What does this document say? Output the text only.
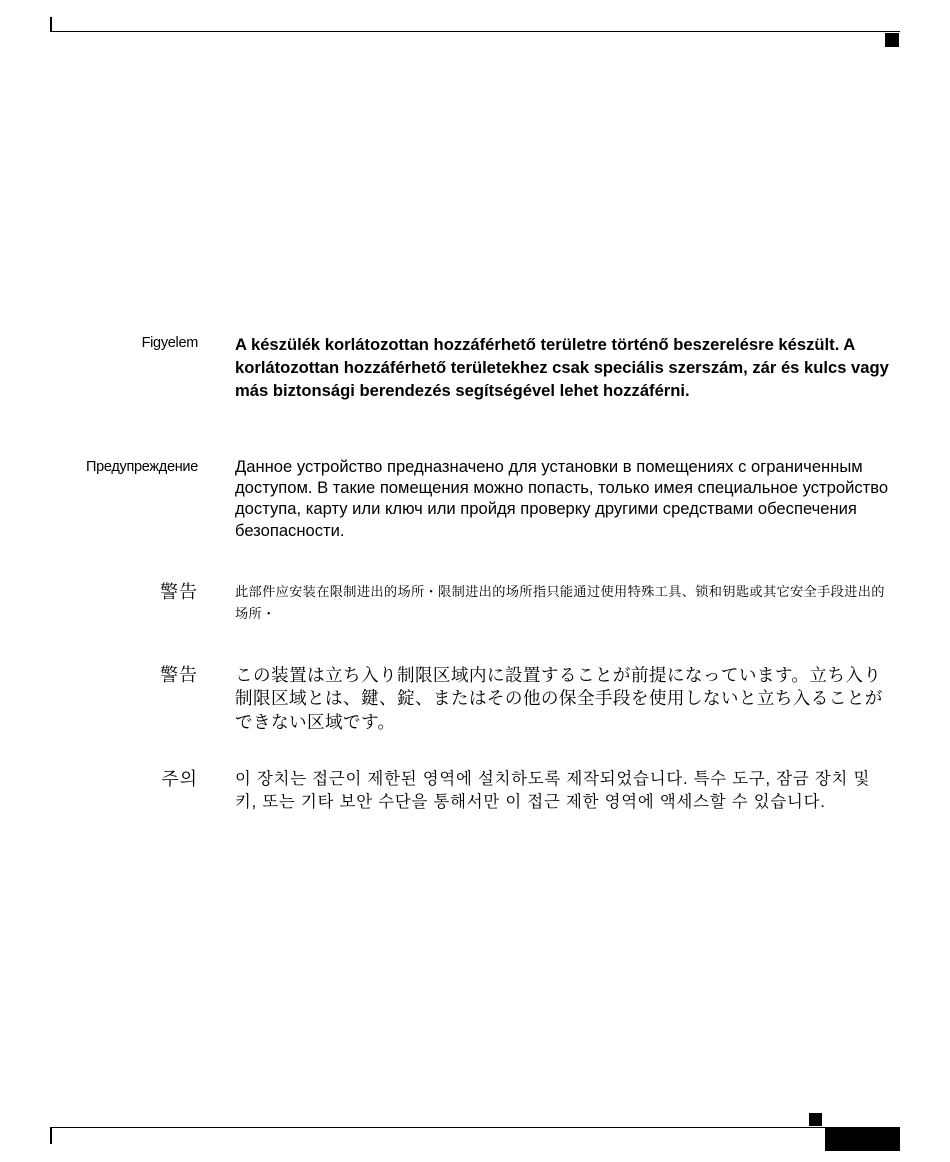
Figyelem A készülék korlátozottan hozzáférhető területre történő beszerelésre készült. A korlátozottan hozzáférhető területekhez csak speciális szerszám, zár és kulcs vagy más biztonsági berendezés segítségével lehet hozzáférni.
Предупреждение Данное устройство предназначено для установки в помещениях с ограниченным доступом. В такие помещения можно попасть, только имея специальное устройство доступа, карту или ключ или пройдя проверку другими средствами обеспечения безопасности.
警告	此部件应安装在限制进出的场所・限制进出的场所指只能通过使用特殊工具、锁和钥匙或其它安全手段进出的场所・
警告 この装置は立ち入り制限区域内に設置することが前提になっています。立ち入り制限区域とは、鍵、錠、またはその他の保全手段を使用しないと立ち入ることができない区域です。
주의 이 장치는 접근이 제한된 영역에 설치하도록 제작되었습니다. 특수 도구, 잠금 장치 및 키, 또는 기타 보안 수단을 통해서만 이 접근 제한 영역에 액세스할 수 있습니다.
